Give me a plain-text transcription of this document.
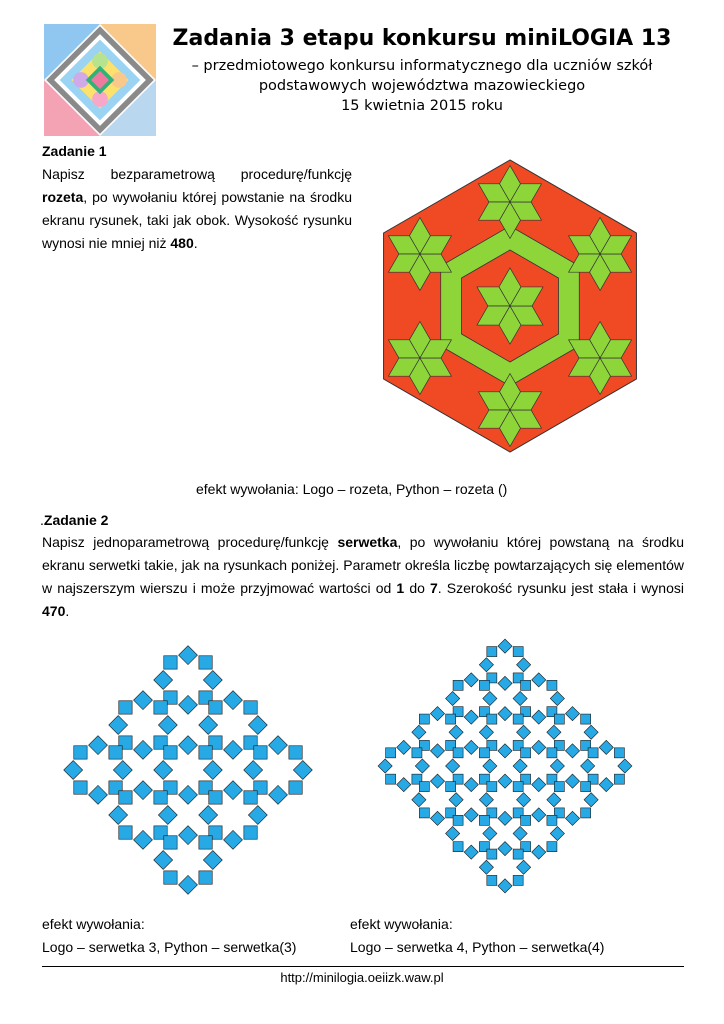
Zadania 3 etapu konkursu miniLOGIA 13
– przedmiotowego konkursu informatycznego dla uczniów szkół
podstawowych województwa mazowieckiego
15 kwietnia 2015 roku
Zadanie 1
Napisz bezparametrową procedurę/funkcję rozeta, po wywołaniu której powstanie na środku ekranu rysunek, taki jak obok. Wysokość rysunku wynosi nie mniej niż 480.
efekt wywołania: Logo – rozeta, Python – rozeta ()
.Zadanie 2
Napisz jednoparametrową procedurę/funkcję serwetka, po wywołaniu której powstaną na środku ekranu serwetki takie, jak na rysunkach poniżej. Parametr określa liczbę powtarzających się elementów w najszerszym wierszu i może przyjmować wartości od 1 do 7. Szerokość rysunku jest stała i wynosi 470.
efekt wywołania:
Logo – serwetka 3, Python – serwetka(3)
efekt wywołania:
Logo – serwetka 4, Python – serwetka(4)
http://minilogia.oeiizk.waw.pl
